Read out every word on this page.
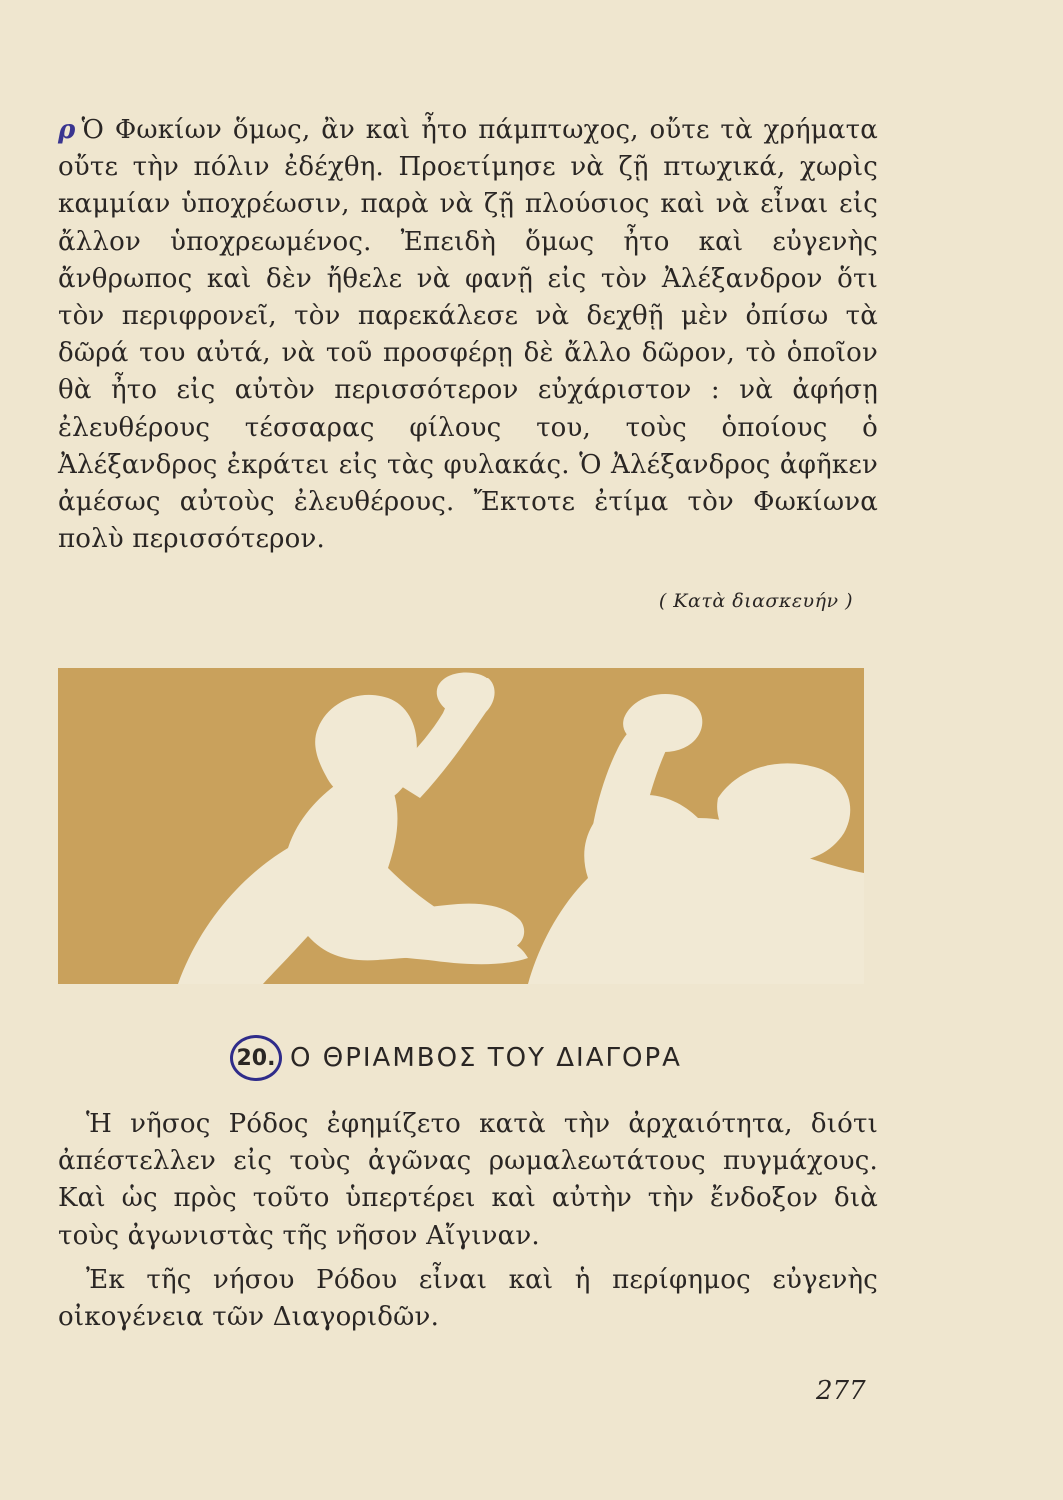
ρ Ὁ Φωκίων ὅμως, ἂν καὶ ἦτο πάμπτωχος, οὔτε τὰ χρήματα οὔτε τὴν πόλιν ἐδέχθη. Προετίμησε νὰ ζῇ πτωχικά, χωρὶς καμμίαν ὑποχρέωσιν, παρὰ νὰ ζῇ πλούσιος καὶ νὰ εἶναι εἰς ἄλλον ὑποχρεωμένος. Ἐπειδὴ ὅμως ἦτο καὶ εὐγενὴς ἄνθρωπος καὶ δὲν ἤθελε νὰ φανῇ εἰς τὸν Ἀλέξανδρον ὅτι τὸν περιφρονεῖ, τὸν παρεκάλεσε νὰ δεχθῇ μὲν ὀπίσω τὰ δῶρά του αὐτά, νὰ τοῦ προσφέρῃ δὲ ἄλλο δῶρον, τὸ ὁποῖον θὰ ἦτο εἰς αὐτὸν περισσότερον εὐχάριστον : νὰ ἀφήσῃ ἐλευθέρους τέσσαρας φίλους του, τοὺς ὁποίους ὁ Ἀλέξανδρος ἐκράτει εἰς τὰς φυλακάς. Ὁ Ἀλέξανδρος ἀφῆκεν ἀμέσως αὐτοὺς ἐλευθέρους. Ἔκτοτε ἐτίμα τὸν Φωκίωνα πολὺ περισσότερον.

( Κατὰ διασκευήν )
20. Ο ΘΡΙΑΜΒΟΣ ΤΟΥ ΔΙΑΓΟΡΑ

Ἡ νῆσος Ρόδος ἐφημίζετο κατὰ τὴν ἀρχαιότητα, διότι ἀπέστελλεν εἰς τοὺς ἀγῶνας ρωμαλεωτάτους πυγμάχους. Καὶ ὡς πρὸς τοῦτο ὑπερτέρει καὶ αὐτὴν τὴν ἔνδοξον διὰ τοὺς ἀγωνιστὰς τῆς νῆσον Αἴγιναν.

Ἐκ τῆς νήσου Ρόδου εἶναι καὶ ἡ περίφημος εὐγενὴς οἰκογένεια τῶν Διαγοριδῶν.

277
